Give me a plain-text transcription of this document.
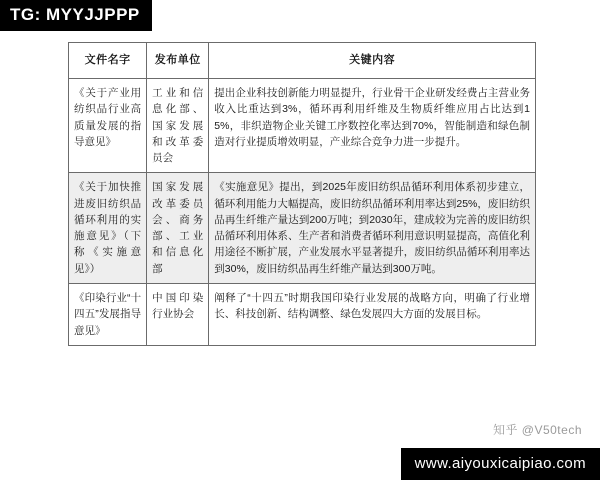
TG: MYYJJPPP
文件名字	发布单位	关键内容
《关于产业用纺织品行业高质量发展的指导意见》	工业和信息化部、国家发展和改革委员会	提出企业科技创新能力明显提升，行业骨干企业研发经费占主营业务收入比重达到3%，循环再利用纤维及生物质纤维应用占比达到15%，非织造物企业关键工序数控化率达到70%，智能制造和绿色制造对行业提质增效明显，产业综合竞争力进一步提升。
《关于加快推进废旧纺织品循环利用的实施意见》（下称《实施意见》）	国家发展改革委员会、商务部、工业和信息化部	《实施意见》提出，到2025年废旧纺织品循环利用体系初步建立，循环利用能力大幅提高，废旧纺织品循环利用率达到25%，废旧纺织品再生纤维产量达到200万吨；到2030年，建成较为完善的废旧纺织品循环利用体系、生产者和消费者循环利用意识明显提高，高值化利用途径不断扩展，产业发展水平显著提升，废旧纺织品循环利用率达到30%，废旧纺织品再生纤维产量达到300万吨。
《印染行业“十四五”发展指导意见》	中国印染行业协会	阐释了“十四五”时期我国印染行业发展的战略方向，明确了行业增长、科技创新、结构调整、绿色发展四大方面的发展目标。
知乎 @V50tech
www.aiyouxicaipiao.com
